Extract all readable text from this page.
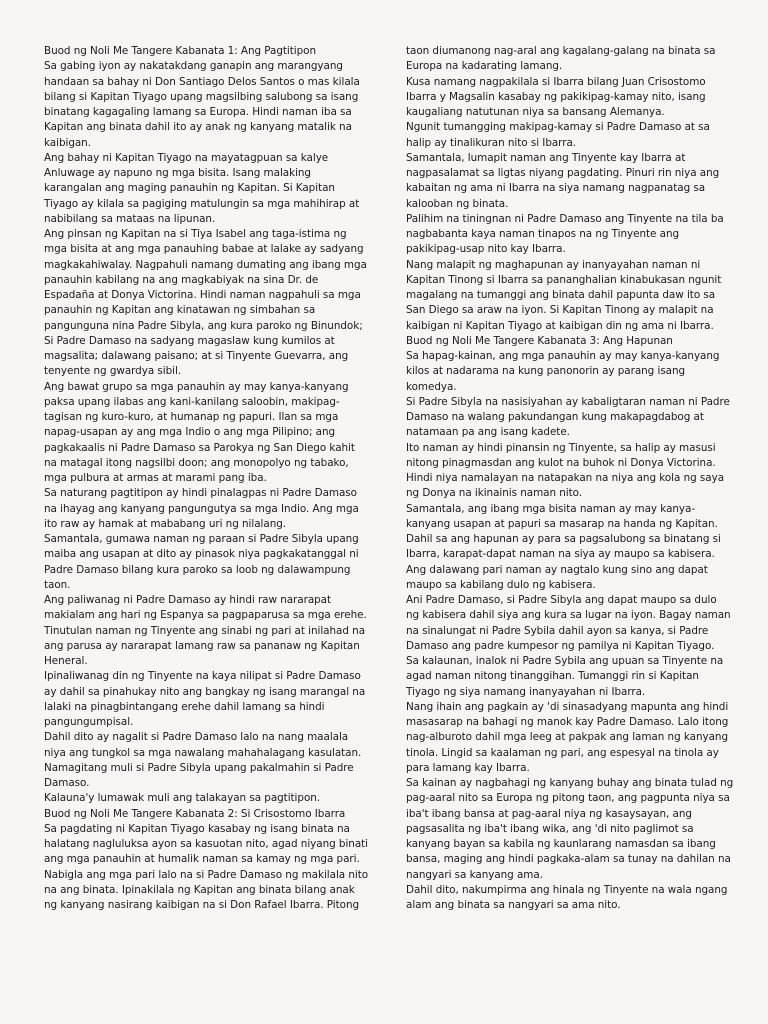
Buod ng Noli Me Tangere Kabanata 1: Ang Pagtitipon

Sa gabing iyon ay nakatakdang ganapin ang marangyang
handaan sa bahay ni Don Santiago Delos Santos o mas kilala
bilang si Kapitan Tiyago upang magsilbing salubong sa isang
binatang kagagaling lamang sa Europa. Hindi naman iba sa
Kapitan ang binata dahil ito ay anak ng kanyang matalik na
kaibigan.

Ang bahay ni Kapitan Tiyago na mayatagpuan sa kalye
Anluwage ay napuno ng mga bisita. Isang malaking
karangalan ang maging panauhin ng Kapitan. Si Kapitan
Tiyago ay kilala sa pagiging matulungin sa mga mahihirap at
nabibilang sa mataas na lipunan.

Ang pinsan ng Kapitan na si Tiya Isabel ang taga-istima ng
mga bisita at ang mga panauhing babae at lalake ay sadyang
magkakahiwalay. Nagpahuli namang dumating ang ibang mga
panauhin kabilang na ang magkabiyak na sina Dr. de
Espadaña at Donya Victorina. Hindi naman nagpahuli sa mga
panauhin ng Kapitan ang kinatawan ng simbahan sa
pangunguna nina Padre Sibyla, ang kura paroko ng Binundok;
Si Padre Damaso na sadyang magaslaw kung kumilos at
magsalita; dalawang paisano; at si Tinyente Guevarra, ang
tenyente ng gwardya sibil.

Ang bawat grupo sa mga panauhin ay may kanya-kanyang
paksa upang ilabas ang kani-kanilang saloobin, makipag-
tagisan ng kuro-kuro, at humanap ng papuri. Ilan sa mga
napag-usapan ay ang mga Indio o ang mga Pilipino; ang
pagkakaalis ni Padre Damaso sa Parokya ng San Diego kahit
na matagal itong nagsilbi doon; ang monopolyo ng tabako,
mga pulbura at armas at marami pang iba.

Sa naturang pagtitipon ay hindi pinalagpas ni Padre Damaso
na ihayag ang kanyang pangungutya sa mga Indio. Ang mga
ito raw ay hamak at mababang uri ng nilalang.

Samantala, gumawa naman ng paraan si Padre Sibyla upang
maiba ang usapan at dito ay pinasok niya pagkakatanggal ni
Padre Damaso bilang kura paroko sa loob ng dalawampung
taon.

Ang paliwanag ni Padre Damaso ay hindi raw nararapat
makialam ang hari ng Espanya sa pagpaparusa sa mga erehe.
Tinutulan naman ng Tinyente ang sinabi ng pari at inilahad na
ang parusa ay nararapat lamang raw sa pananaw ng Kapitan
Heneral.

Ipinaliwanag din ng Tinyente na kaya nilipat si Padre Damaso
ay dahil sa pinahukay nito ang bangkay ng isang marangal na
lalaki na pinagbintangang erehe dahil lamang sa hindi
pangungumpisal.

Dahil dito ay nagalit si Padre Damaso lalo na nang maalala
niya ang tungkol sa mga nawalang mahahalagang kasulatan.
Namagitang muli si Padre Sibyla upang pakalmahin si Padre
Damaso.

Kalauna'y lumawak muli ang talakayan sa pagtitipon.

Buod ng Noli Me Tangere Kabanata 2: Si Crisostomo Ibarra

Sa pagdating ni Kapitan Tiyago kasabay ng isang binata na
halatang nagluluksa ayon sa kasuotan nito, agad niyang binati
ang mga panauhin at humalik naman sa kamay ng mga pari.
Nabigla ang mga pari lalo na si Padre Damaso ng makilala nito
na ang binata. Ipinakilala ng Kapitan ang binata bilang anak
ng kanyang nasirang kaibigan na si Don Rafael Ibarra. Pitong

taon diumanong nag-aral ang kagalang-galang na binata sa
Europa na kadarating lamang.

Kusa namang nagpakilala si Ibarra bilang Juan Crisostomo
Ibarra y Magsalin kasabay ng pakikipag-kamay nito, isang
kaugaliang natutunan niya sa bansang Alemanya.

Ngunit tumangging makipag-kamay si Padre Damaso at sa
halip ay tinalikuran nito si Ibarra.

Samantala, lumapit naman ang Tinyente kay Ibarra at
nagpasalamat sa ligtas niyang pagdating. Pinuri rin niya ang
kabaitan ng ama ni Ibarra na siya namang nagpanatag sa
kalooban ng binata.

Palihim na tiningnan ni Padre Damaso ang Tinyente na tila ba
nagbabanta kaya naman tinapos na ng Tinyente ang
pakikipag-usap nito kay Ibarra.

Nang malapit ng maghapunan ay inanyayahan naman ni
Kapitan Tinong si Ibarra sa pananghalian kinabukasan ngunit
magalang na tumanggi ang binata dahil papunta daw ito sa
San Diego sa araw na iyon. Si Kapitan Tinong ay malapit na
kaibigan ni Kapitan Tiyago at kaibigan din ng ama ni Ibarra.

Buod ng Noli Me Tangere Kabanata 3: Ang Hapunan

Sa hapag-kainan, ang mga panauhin ay may kanya-kanyang
kilos at nadarama na kung panonorin ay parang isang
komedya.

Si Padre Sibyla na nasisiyahan ay kabaligtaran naman ni Padre
Damaso na walang pakundangan kung makapagdabog at
natamaan pa ang isang kadete.

Ito naman ay hindi pinansin ng Tinyente, sa halip ay masusi
nitong pinagmasdan ang kulot na buhok ni Donya Victorina.

Hindi niya namalayan na natapakan na niya ang kola ng saya
ng Donya na ikinainis naman nito.

Samantala, ang ibang mga bisita naman ay may kanya-
kanyang usapan at papuri sa masarap na handa ng Kapitan.

Dahil sa ang hapunan ay para sa pagsalubong sa binatang si
Ibarra, karapat-dapat naman na siya ay maupo sa kabisera.

Ang dalawang pari naman ay nagtalo kung sino ang dapat
maupo sa kabilang dulo ng kabisera.

Ani Padre Damaso, si Padre Sibyla ang dapat maupo sa dulo
ng kabisera dahil siya ang kura sa lugar na iyon. Bagay naman
na sinalungat ni Padre Sybila dahil ayon sa kanya, si Padre
Damaso ang padre kumpesor ng pamilya ni Kapitan Tiyago.

Sa kalaunan, inalok ni Padre Sybila ang upuan sa Tinyente na
agad naman nitong tinanggihan. Tumanggi rin si Kapitan
Tiyago ng siya namang inanyayahan ni Ibarra.

Nang ihain ang pagkain ay 'di sinasadyang mapunta ang hindi
masasarap na bahagi ng manok kay Padre Damaso. Lalo itong
nag-alburoto dahil mga leeg at pakpak ang laman ng kanyang
tinola. Lingid sa kaalaman ng pari, ang espesyal na tinola ay
para lamang kay Ibarra.

Sa kainan ay nagbahagi ng kanyang buhay ang binata tulad ng
pag-aaral nito sa Europa ng pitong taon, ang pagpunta niya sa
iba't ibang bansa at pag-aaral niya ng kasaysayan, ang
pagsasalita ng iba't ibang wika, ang 'di nito paglimot sa
kanyang bayan sa kabila ng kaunlarang namasdan sa ibang
bansa, maging ang hindi pagkaka-alam sa tunay na dahilan na
nangyari sa kanyang ama.

Dahil dito, nakumpirma ang hinala ng Tinyente na wala ngang
alam ang binata sa nangyari sa ama nito.
